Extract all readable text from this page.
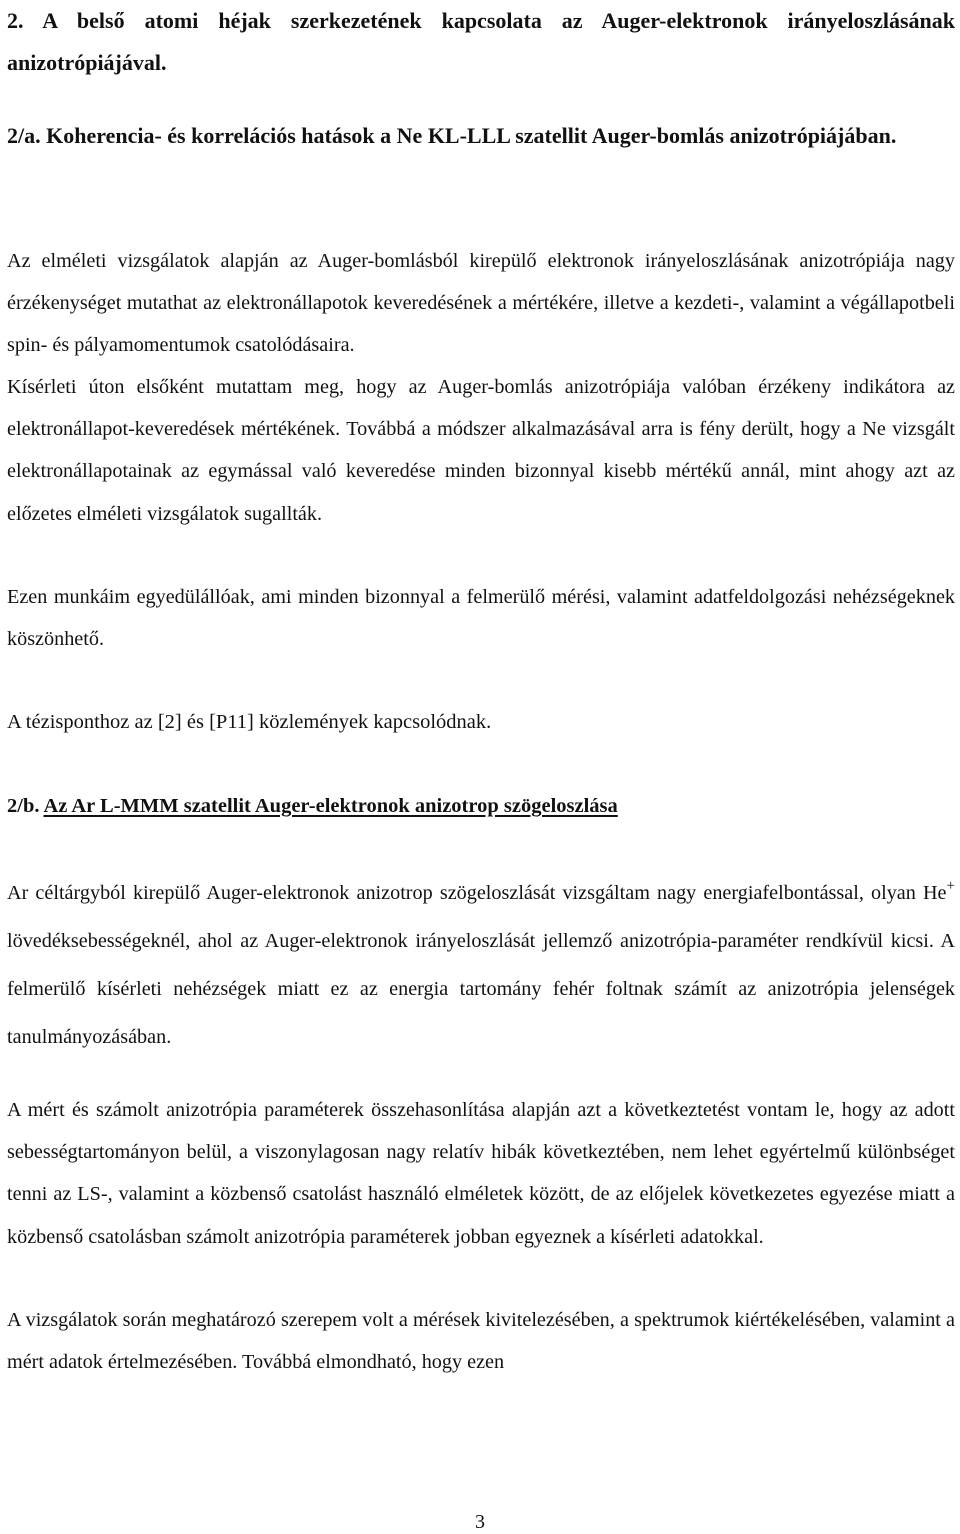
2. A belső atomi héjak szerkezetének kapcsolata az Auger-elektronok irányeloszlásának anizotrópiájával.

2/a. Koherencia- és korrelációs hatások a Ne KL-LLL szatellit Auger-bomlás anizotrópiájában.

Az elméleti vizsgálatok alapján az Auger-bomlásból kirepülő elektronok irányeloszlásának anizotrópiája nagy érzékenységet mutathat az elektronállapotok keveredésének a mértékére, illetve a kezdeti-, valamint a végállapotbeli spin- és pályamomentumok csatolódásaira.

Kísérleti úton elsőként mutattam meg, hogy az Auger-bomlás anizotrópiája valóban érzékeny indikátora az elektronállapot-keveredések mértékének. Továbbá a módszer alkalmazásával arra is fény derült, hogy a Ne vizsgált elektronállapotainak az egymással való keveredése minden bizonnyal kisebb mértékű annál, mint ahogy azt az előzetes elméleti vizsgálatok sugallták.

Ezen munkáim egyedülállóak, ami minden bizonnyal a felmerülő mérési, valamint adatfeldolgozási nehézségeknek köszönhető.

A tézisponthoz az [2] és [P11] közlemények kapcsolódnak.

2/b. Az Ar L-MMM szatellit Auger-elektronok anizotrop szögeloszlása

Ar céltárgyból kirepülő Auger-elektronok anizotrop szögeloszlását vizsgáltam nagy energiafelbontással, olyan He+ lövedéksebességeknél, ahol az Auger-elektronok irányeloszlását jellemző anizotrópia-paraméter rendkívül kicsi. A felmerülő kísérleti nehézségek miatt ez az energia tartomány fehér foltnak számít az anizotrópia jelenségek tanulmányozásában.

A mért és számolt anizotrópia paraméterek összehasonlítása alapján azt a következtetést vontam le, hogy az adott sebességtartományon belül, a viszonylagosan nagy relatív hibák következtében, nem lehet egyértelmű különbséget tenni az LS-, valamint a közbenső csatolást használó elméletek között, de az előjelek következetes egyezése miatt a közbenső csatolásban számolt anizotrópia paraméterek jobban egyeznek a kísérleti adatokkal.

A vizsgálatok során meghatározó szerepem volt a mérések kivitelezésében, a spektrumok kiértékelésében, valamint a mért adatok értelmezésében. Továbbá elmondható, hogy ezen

3
